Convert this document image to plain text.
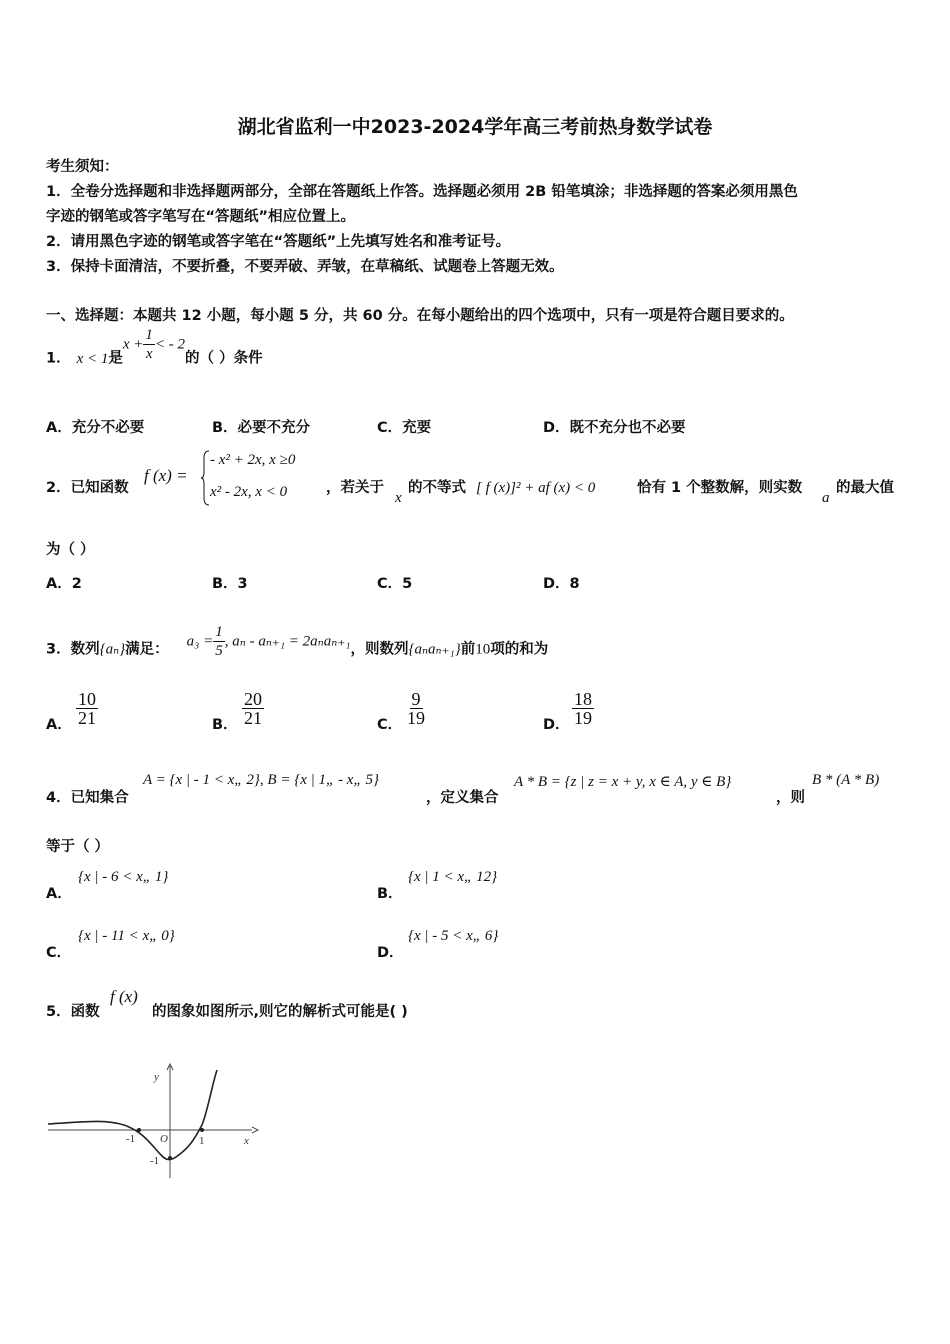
湖北省监利一中2023-2024学年高三考前热身数学试卷
考生须知：
1．全卷分选择题和非选择题两部分，全部在答题纸上作答。选择题必须用 2B 铅笔填涂；非选择题的答案必须用黑色
字迹的钢笔或答字笔写在“答题纸”相应位置上。
2．请用黑色字迹的钢笔或答字笔在“答题纸”上先填写姓名和准考证号。
3．保持卡面清洁，不要折叠，不要弄破、弄皱，在草稿纸、试题卷上答题无效。
一、选择题：本题共 12 小题，每小题 5 分，共 60 分。在每小题给出的四个选项中，只有一项是符合题目要求的。
1． x < 1是$x + \frac{1}{x}$ < - 2的（ ）条件
A．充分不必要	B．必要不充分	C．充要	D．既不充分也不必要
2．已知函数
f (x) =
- x² + 2x, x ≥0
x² - 2x, x < 0	，若关于
x
的不等式 [ f (x)]² + af (x) < 0	恰有 1 个整数解，则实数
a
的最大值
为（ ）
A．2	B．3	C．5	D．8
3．数列{aₙ}满足： $a_3 = \frac{1}{5}$ , aₙ - aₙ₊₁ = 2aₙaₙ₊₁，则数列{aₙaₙ₊₁}前10项的和为
A． $\frac{10}{21}$	B． $\frac{20}{21}$	C． $\frac{9}{19}$	D． $\frac{18}{19}$
4．已知集合
A = {x | - 1 < x„ 2}, B = {x | 1„ - x„ 5}
，定义集合
A * B = {z | z = x + y, x ∈ A, y ∈ B}
，则
B * (A * B)
等于（ ）
A．
{x | - 6 < x„ 1}
B．
{x | 1 < x„ 12}
C．
{x | - 11 < x„ 0}
D．
{x | - 5 < x„ 6}
5．函数
f (x)
的图象如图所示,则它的解析式可能是( )
y
x
O
-1	1
-1
